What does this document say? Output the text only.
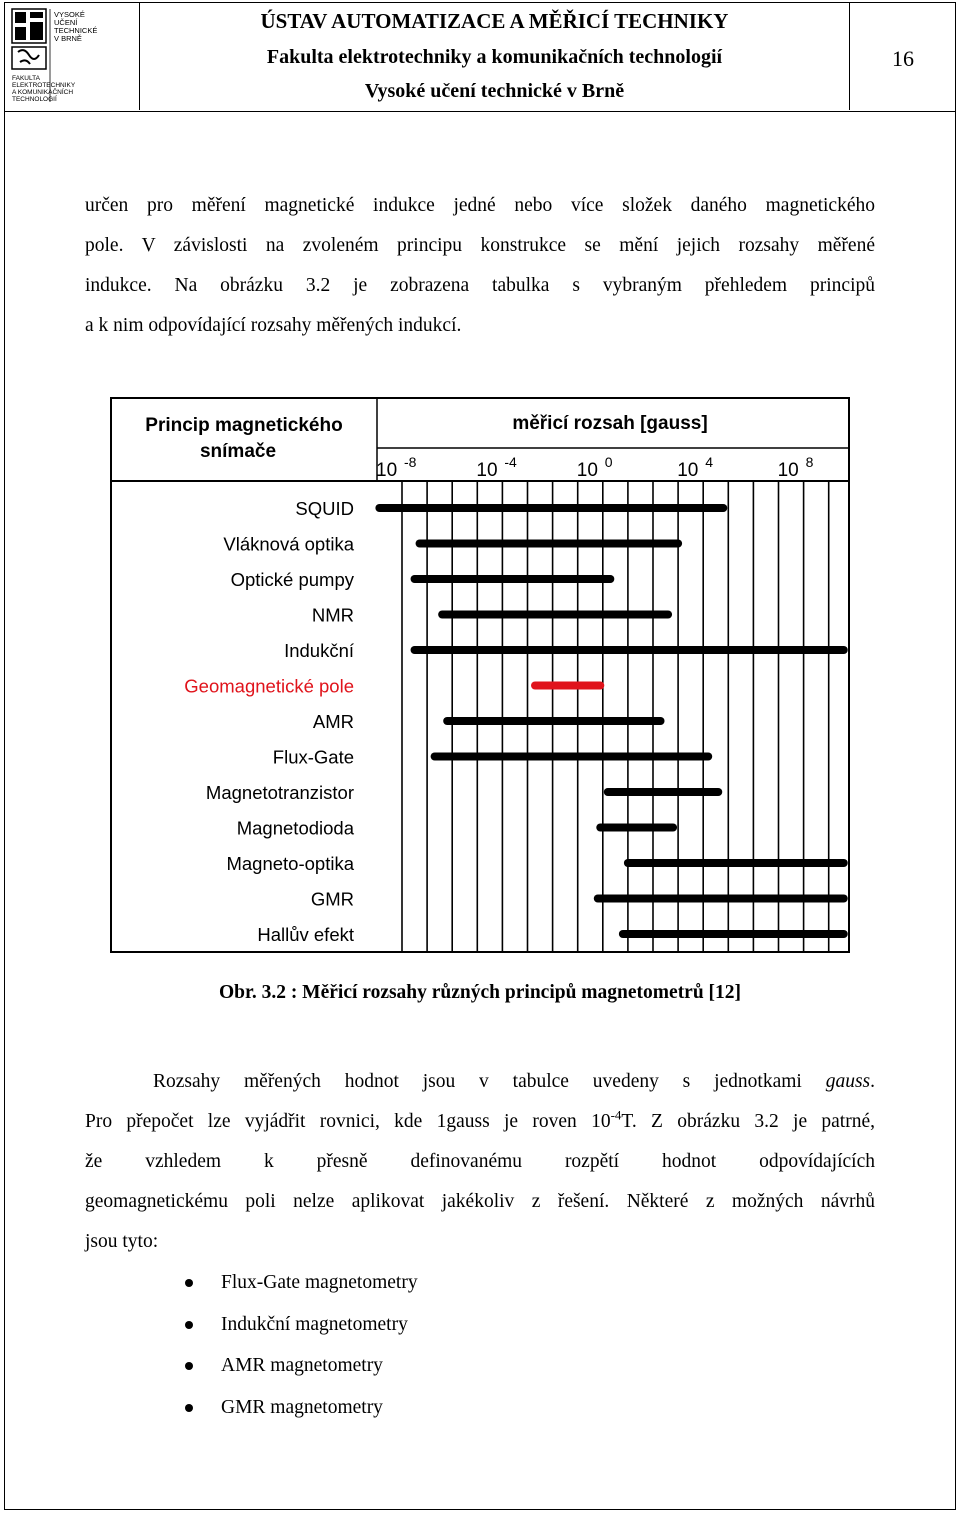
VYSOKÉ
UČENÍ
TECHNICKÉ
V BRNĚ
FAKULTA
ELEKTROTECHNIKY
A KOMUNIKAČNÍCH
TECHNOLOGIÍ
ÚSTAV AUTOMATIZACE A MĚŘICÍ TECHNIKY
Fakulta elektrotechniky a komunikačních technologií
Vysoké učení technické v Brně
16
určen pro měření magnetické indukce jedné nebo více složek daného magnetického
pole. V závislosti na zvoleném principu konstrukce se mění jejich rozsahy měřené
indukce. Na obrázku 3.2 je zobrazena tabulka s vybraným přehledem principů
a k nim odpovídající rozsahy měřených indukcí.
Princip magnetického
snímače
měřicí rozsah [gauss]
10 -8	10 -4	10 0	10 4	10 8
SQUID
Vláknová optika
Optické pumpy
NMR
Indukční
Geomagnetické pole
AMR
Flux-Gate
Magnetotranzistor
Magnetodioda
Magneto-optika
GMR
Hallův efekt
Obr. 3.2 : Měřicí rozsahy různých principů magnetometrů [12]
Rozsahy měřených hodnot jsou v tabulce uvedeny s jednotkami gauss.
Pro přepočet lze vyjádřit rovnici, kde 1gauss je roven $10^{-4}T$. Z obrázku 3.2 je patrné,
že vzhledem k přesně definovanému rozpětí hodnot odpovídajících
geomagnetickému poli nelze aplikovat jakékoliv z řešení. Některé z možných návrhů
jsou tyto:
Flux-Gate magnetometry
Indukční magnetometry
AMR magnetometry
GMR magnetometry
